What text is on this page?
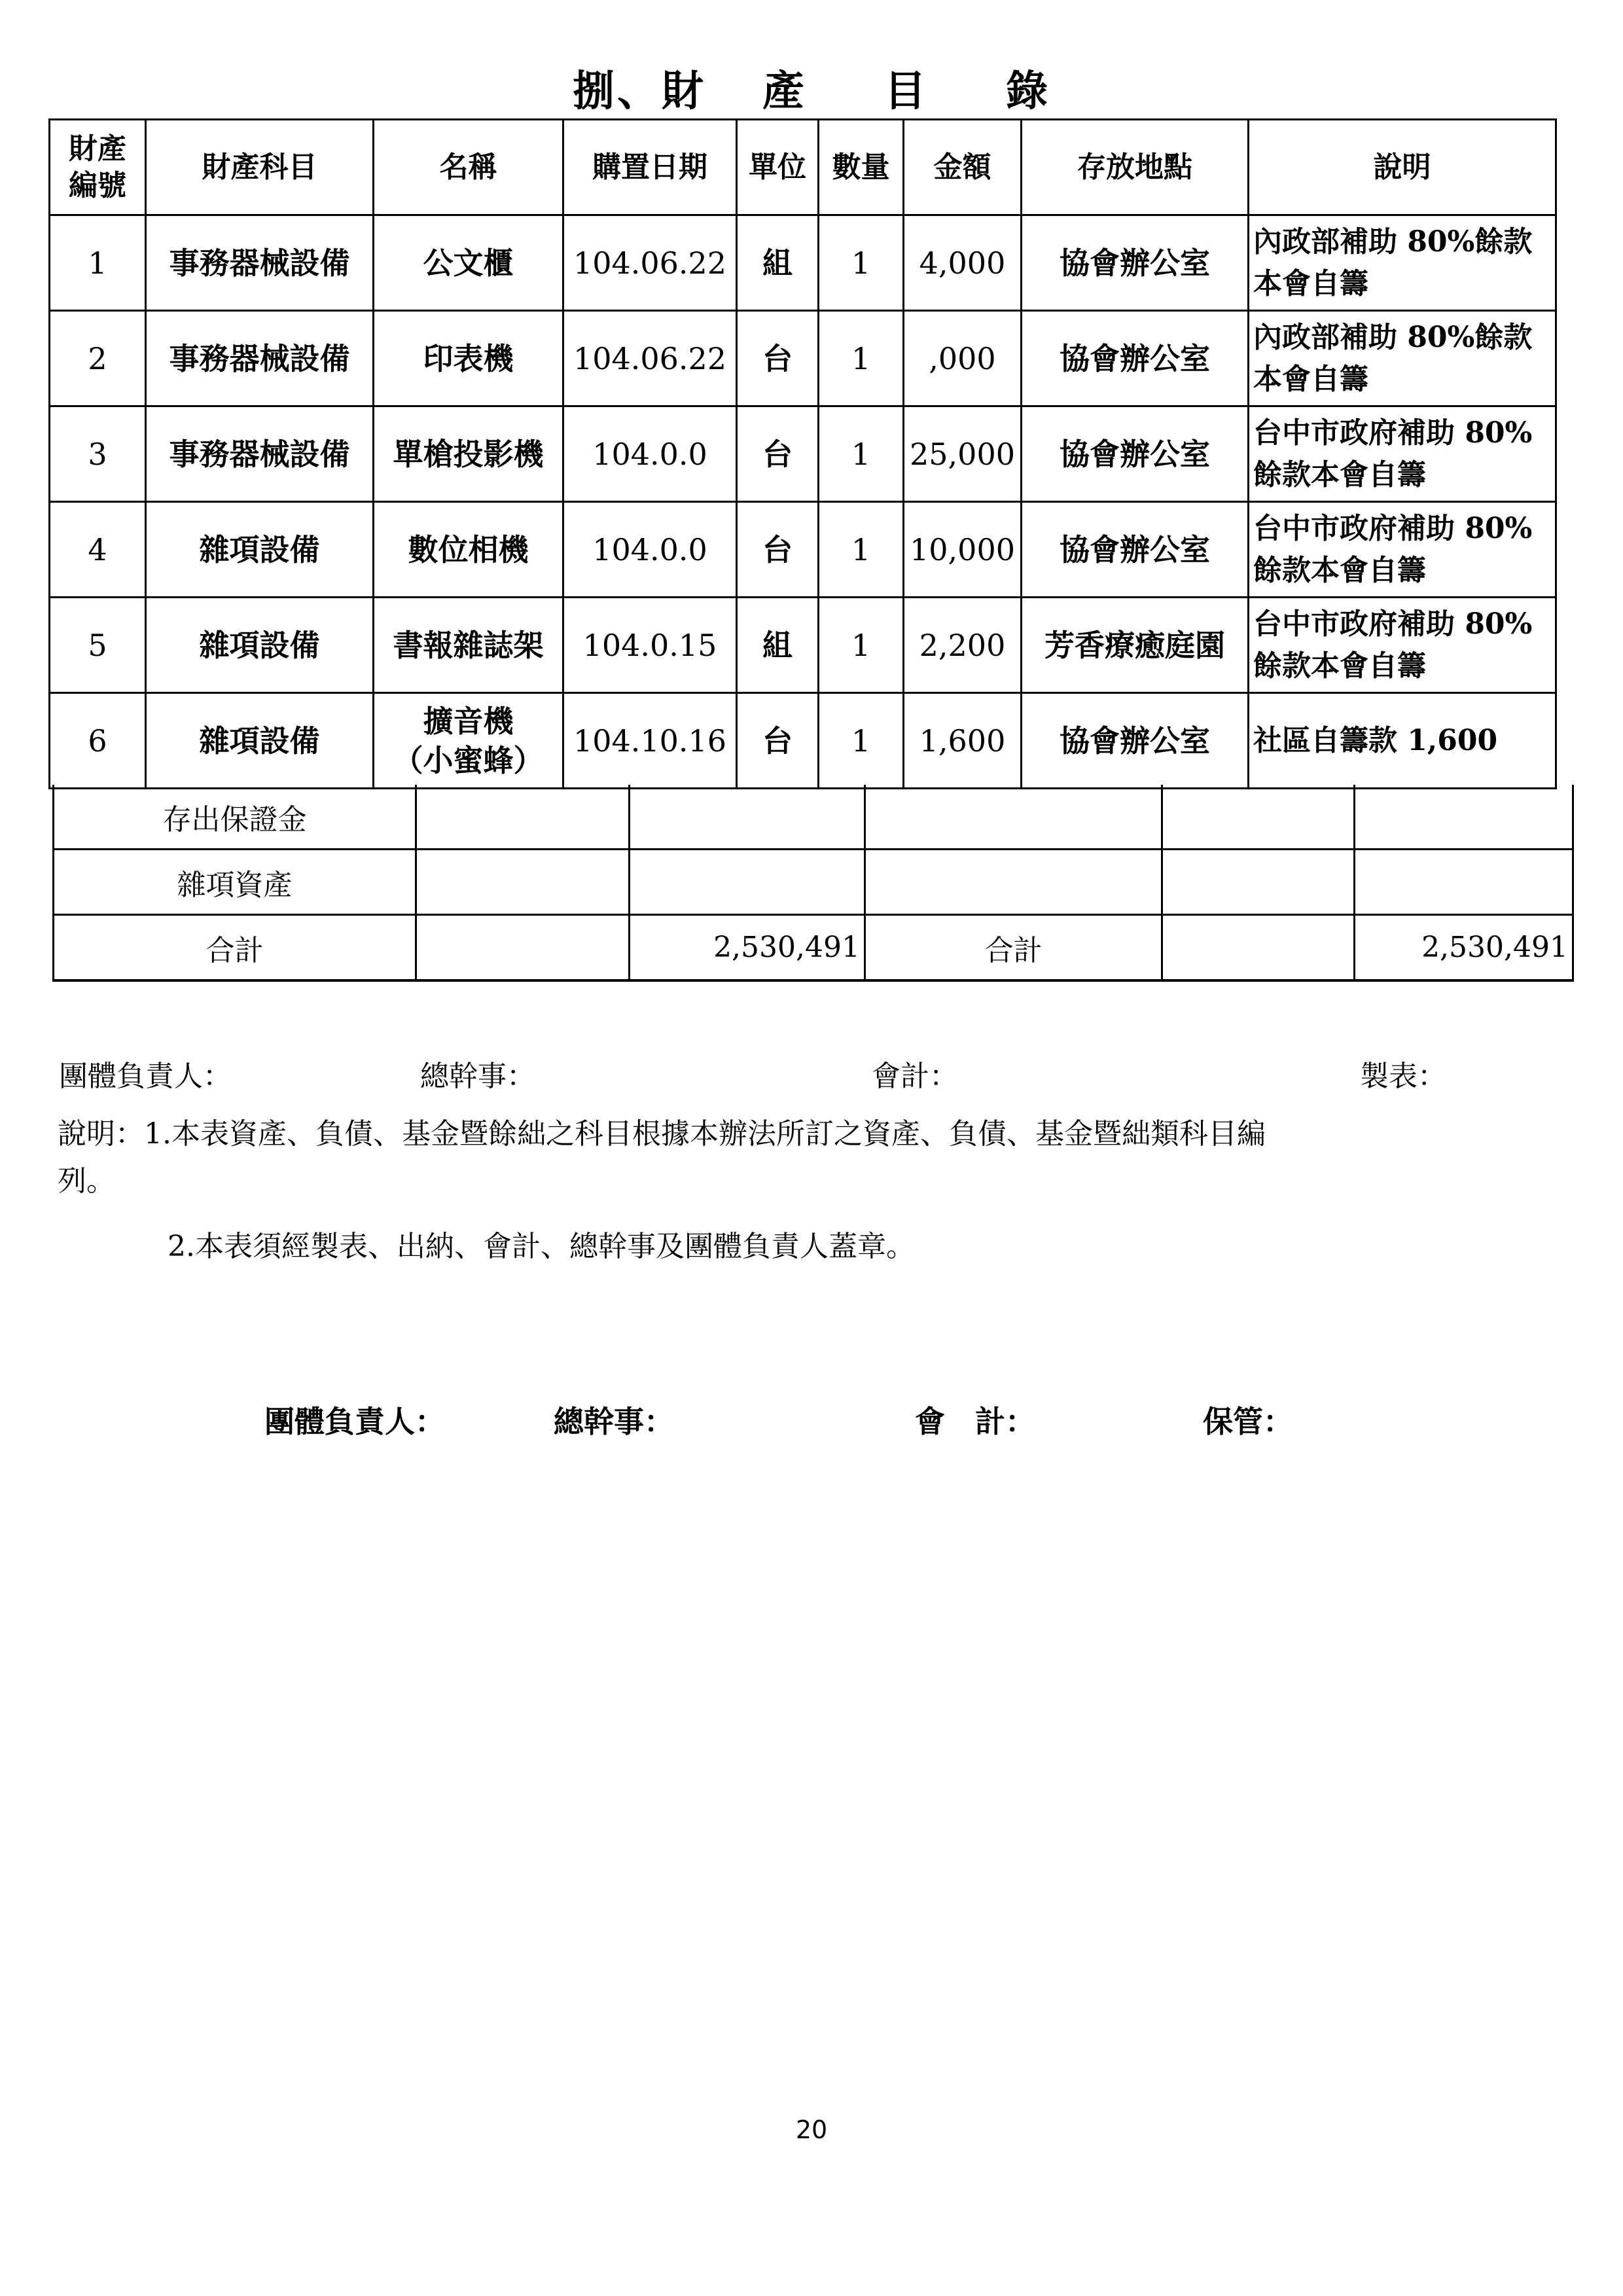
捌、財 產 目 錄
財產
編號	財產科目	名稱	購置日期	單位	數量	金額	存放地點	說明
1	事務器械設備	公文櫃	104.06.22	組	1	4,000	協會辦公室	內政部補助 80%餘款本會自籌
2	事務器械設備	印表機	104.06.22	台	1	,000	協會辦公室	內政部補助 80%餘款本會自籌
3	事務器械設備	單槍投影機	104.0.0	台	1	25,000	協會辦公室	台中市政府補助 80%餘款本會自籌
4	雜項設備	數位相機	104.0.0	台	1	10,000	協會辦公室	台中市政府補助 80% 餘款本會自籌
5	雜項設備	書報雜誌架	104.0.15	組	1	2,200	芳香療癒庭園	台中市政府補助 80%餘款本會自籌
6	雜項設備	擴音機
（小蜜蜂）	104.10.16	台	1	1,600	協會辦公室	社區自籌款 1,600
存出保證金					
雜項資產					
合計		2,530,491	合計		2,530,491
團體負責人：	總幹事：	會計：	製表：
說明：1.本表資產、負債、基金暨餘絀之科目根據本辦法所訂之資產、負債、基金暨絀類科目編
列。
2.本表須經製表、出納、會計、總幹事及團體負責人蓋章。
團體負責人：	總幹事：	會　計：	保管：
20
